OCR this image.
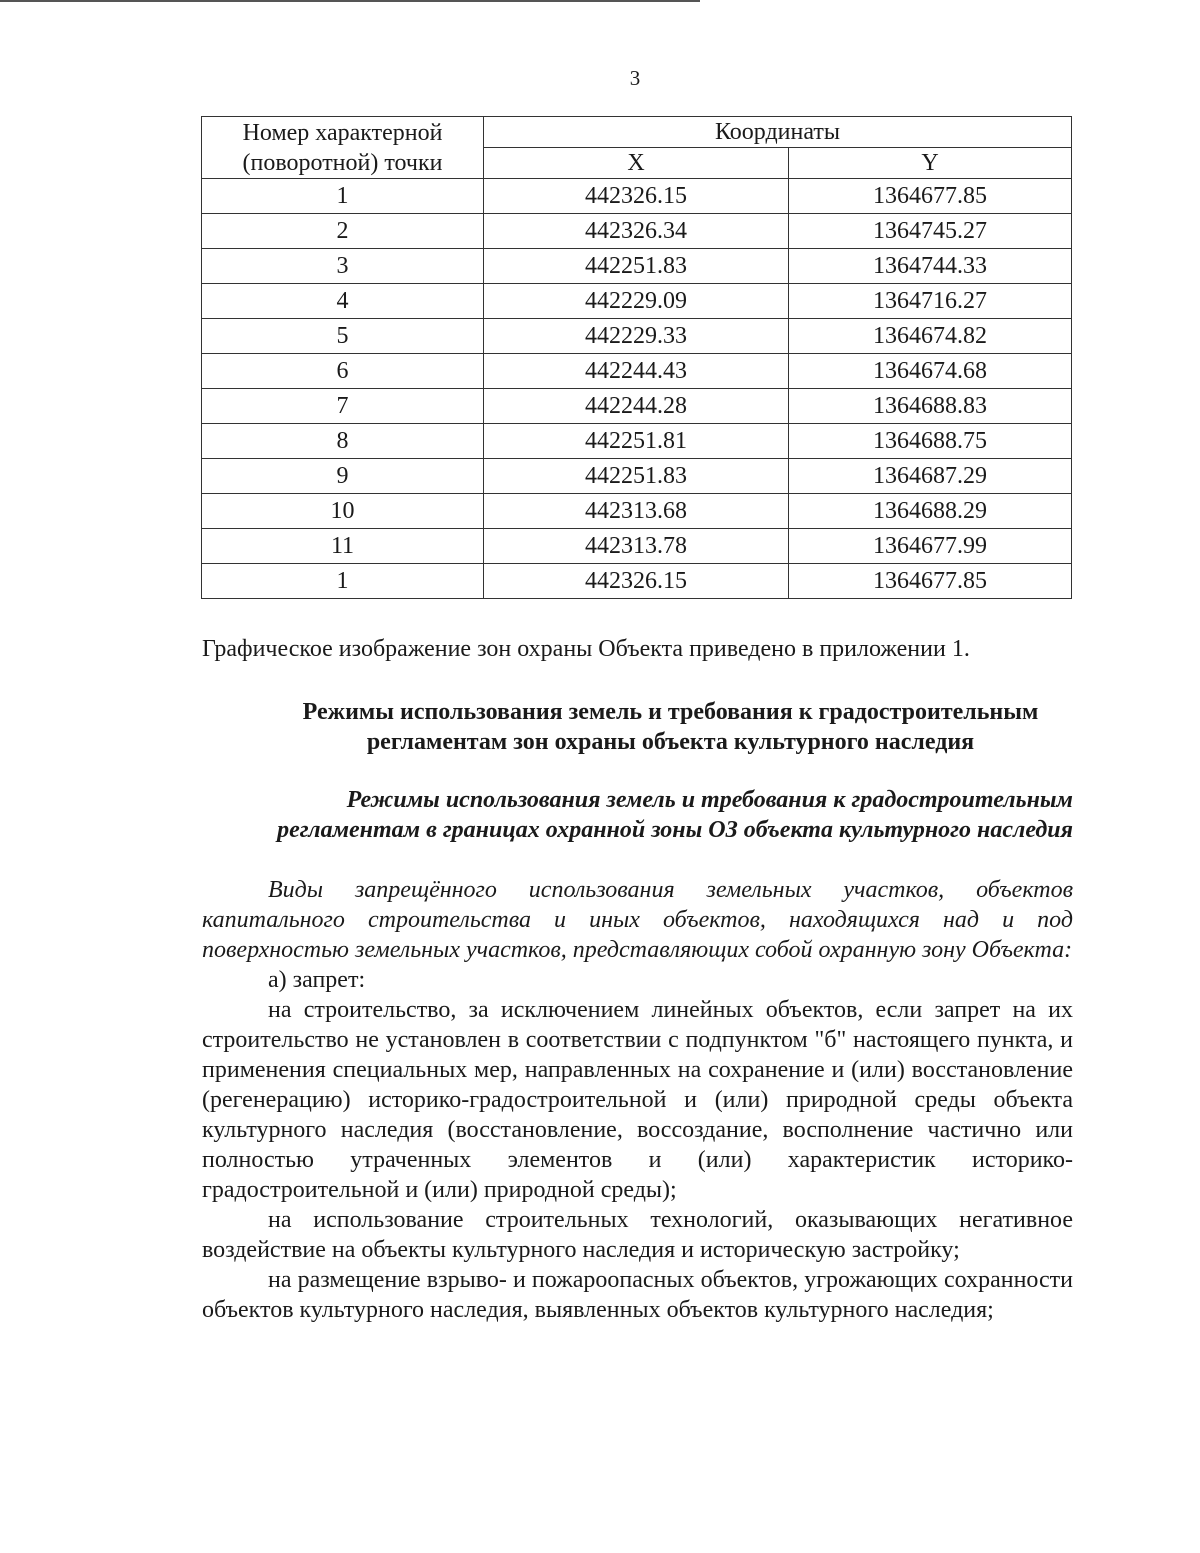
3
Номер характерной (поворотной) точки	Координаты	
	X	Y
1	442326.15	1364677.85
2	442326.34	1364745.27
3	442251.83	1364744.33
4	442229.09	1364716.27
5	442229.33	1364674.82
6	442244.43	1364674.68
7	442244.28	1364688.83
8	442251.81	1364688.75
9	442251.83	1364687.29
10	442313.68	1364688.29
11	442313.78	1364677.99
1	442326.15	1364677.85
Графическое изображение зон охраны Объекта приведено в приложении 1.
Режимы использования земель и требования к градостроительным регламентам зон охраны объекта культурного наследия
Режимы использования земель и требования к градостроительным регламентам в границах охранной зоны ОЗ объекта культурного наследия

Виды запрещённого использования земельных участков, объектов капитального строительства и иных объектов, находящихся над и под поверхностью земельных участков, представляющих собой охранную зону Объекта:

а) запрет:

на строительство, за исключением линейных объектов, если запрет на их строительство не установлен в соответствии с подпунктом "б" настоящего пункта, и применения специальных мер, направленных на сохранение и (или) восстановление (регенерацию) историко-градостроительной и (или) природной среды объекта культурного наследия (восстановление, воссоздание, восполнение частично или полностью утраченных элементов и (или) характеристик историко-градостроительной и (или) природной среды);

на использование строительных технологий, оказывающих негативное воздействие на объекты культурного наследия и историческую застройку;

на размещение взрыво- и пожароопасных объектов, угрожающих сохранности объектов культурного наследия, выявленных объектов культурного наследия;
